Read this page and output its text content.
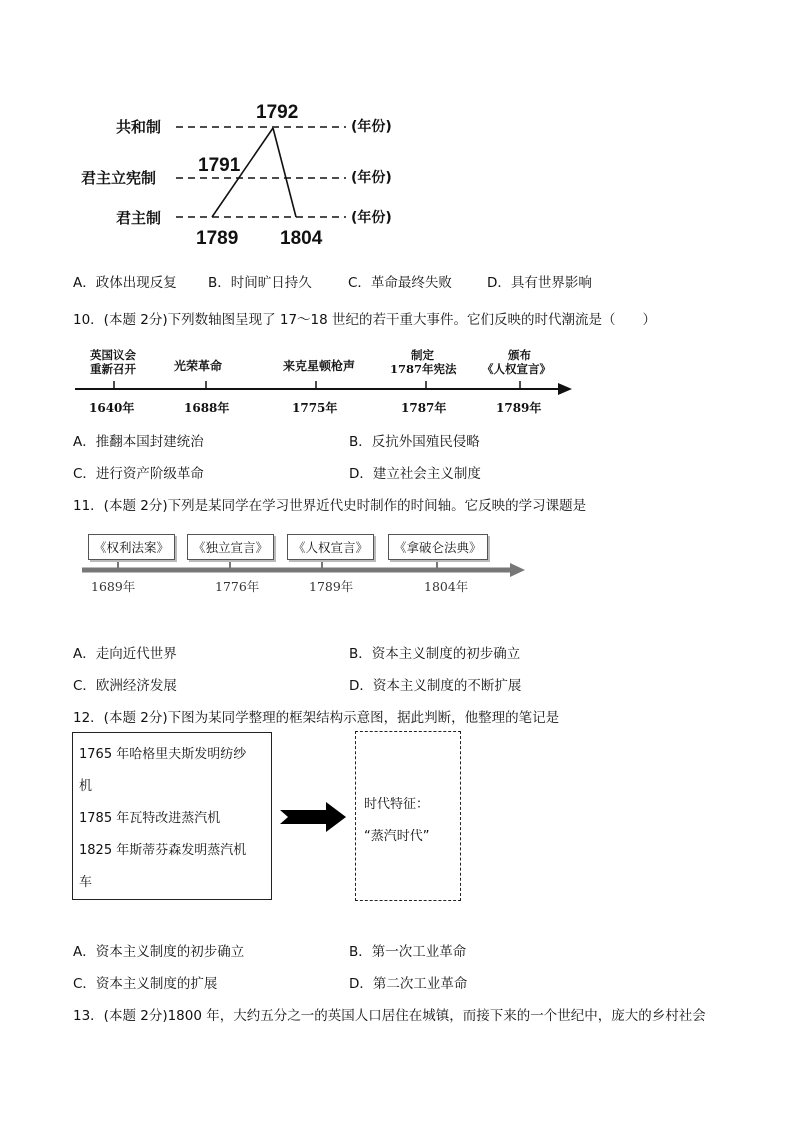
共和制
君主立宪制
君主制
(年份)
(年份)
(年份)
1792
1791
1789 1804
A．政体出现反复 B．时间旷日持久	C．革命最终失败	D．具有世界影响
10．(本题 2分)下列数轴图呈现了 17～18 世纪的若干重大事件。它们反映的时代潮流是（　　）
英国议会
重新召开	光荣革命	来克星顿枪声
制定
1787年宪法
颁布
《人权宣言》
1640年	1688年	1775年	1787年	1789年
A．推翻本国封建统治	B．反抗外国殖民侵略
C．进行资产阶级革命	D．建立社会主义制度
11．(本题 2分)下列是某同学在学习世界近代史时制作的时间轴。它反映的学习课题是
《权利法案》	《独立宣言》	《人权宣言》	《拿破仑法典》
1689年	1776年	1789年	1804年
A．走向近代世界	B．资本主义制度的初步确立
C．欧洲经济发展	D．资本主义制度的不断扩展
12．(本题 2分)下图为某同学整理的框架结构示意图，据此判断，他整理的笔记是
1765 年哈格里夫斯发明纺纱
机
1785 年瓦特改进蒸汽机
1825 年斯蒂芬森发明蒸汽机
车
时代特征：
“蒸汽时代”
A．资本主义制度的初步确立	B．第一次工业革命
C．资本主义制度的扩展	D．第二次工业革命
13．(本题 2分)1800 年，大约五分之一的英国人口居住在城镇，而接下来的一个世纪中，庞大的乡村社会
